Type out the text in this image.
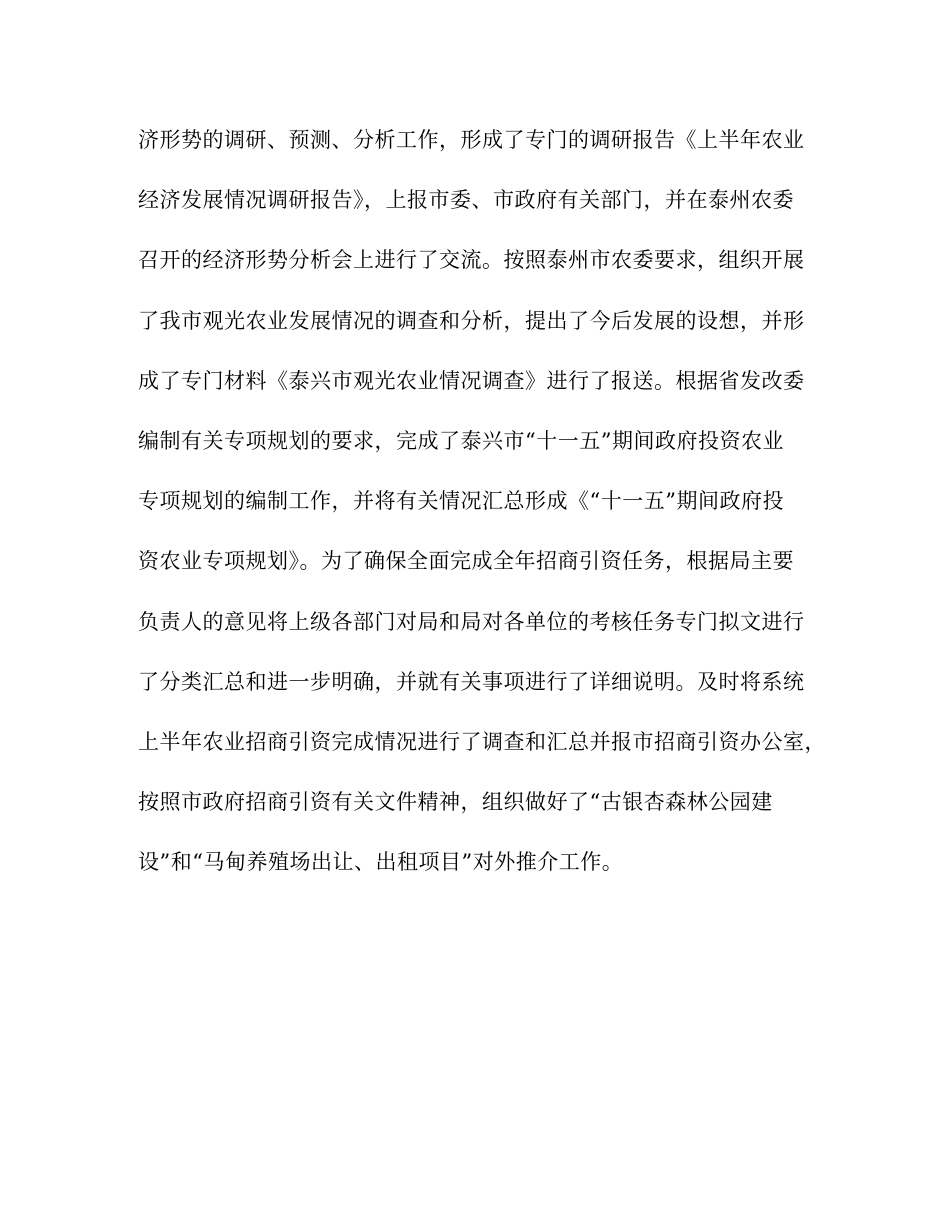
济形势的调研、预测、分析工作，形成了专门的调研报告《上半年农业
经济发展情况调研报告》，上报市委、市政府有关部门，并在泰州农委
召开的经济形势分析会上进行了交流。按照泰州市农委要求，组织开展
了我市观光农业发展情况的调查和分析，提出了今后发展的设想，并形
成了专门材料《泰兴市观光农业情况调查》进行了报送。根据省发改委
编制有关专项规划的要求，完成了泰兴市“十一五”期间政府投资农业
专项规划的编制工作，并将有关情况汇总形成《“十一五”期间政府投
资农业专项规划》。为了确保全面完成全年招商引资任务，根据局主要
负责人的意见将上级各部门对局和局对各单位的考核任务专门拟文进行
了分类汇总和进一步明确，并就有关事项进行了详细说明。及时将系统
上半年农业招商引资完成情况进行了调查和汇总并报市招商引资办公室，
按照市政府招商引资有关文件精神，组织做好了“古银杏森林公园建
设”和“马甸养殖场出让、出租项目”对外推介工作。
